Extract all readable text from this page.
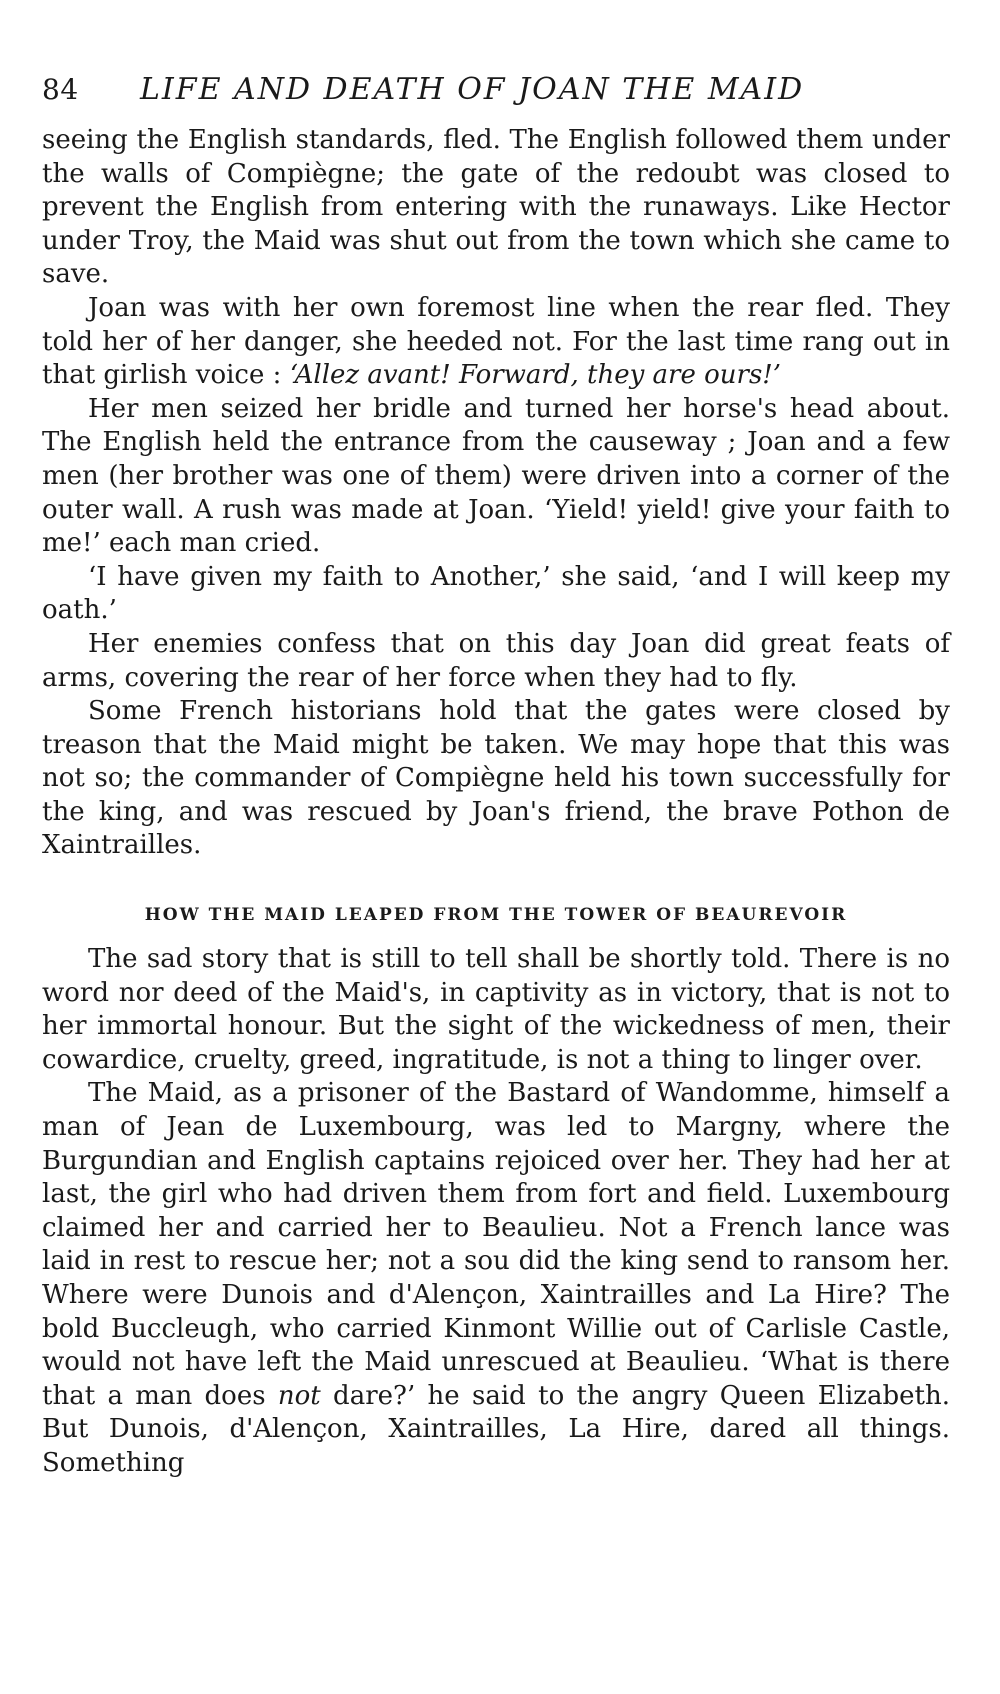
84	LIFE AND DEATH OF JOAN THE MAID

seeing the English standards, fled. The English followed them under the walls of Compiègne; the gate of the redoubt was closed to prevent the English from entering with the runaways. Like Hector under Troy, the Maid was shut out from the town which she came to save.

Joan was with her own foremost line when the rear fled. They told her of her danger, she heeded not. For the last time rang out in that girlish voice : ‘Allez avant! Forward, they are ours!’

Her men seized her bridle and turned her horse's head about. The English held the entrance from the causeway ; Joan and a few men (her brother was one of them) were driven into a corner of the outer wall. A rush was made at Joan. ‘Yield! yield! give your faith to me!’ each man cried.

‘I have given my faith to Another,’ she said, ‘and I will keep my oath.’

Her enemies confess that on this day Joan did great feats of arms, covering the rear of her force when they had to fly.

Some French historians hold that the gates were closed by treason that the Maid might be taken. We may hope that this was not so; the commander of Compiègne held his town successfully for the king, and was rescued by Joan's friend, the brave Pothon de Xaintrailles.

HOW THE MAID LEAPED FROM THE TOWER OF BEAUREVOIR

The sad story that is still to tell shall be shortly told. There is no word nor deed of the Maid's, in captivity as in victory, that is not to her immortal honour. But the sight of the wickedness of men, their cowardice, cruelty, greed, ingratitude, is not a thing to linger over.

The Maid, as a prisoner of the Bastard of Wandomme, himself a man of Jean de Luxembourg, was led to Margny, where the Burgundian and English captains rejoiced over her. They had her at last, the girl who had driven them from fort and field. Luxembourg claimed her and carried her to Beaulieu. Not a French lance was laid in rest to rescue her; not a sou did the king send to ransom her. Where were Dunois and d'Alençon, Xaintrailles and La Hire? The bold Buccleugh, who carried Kinmont Willie out of Carlisle Castle, would not have left the Maid unrescued at Beaulieu. ‘What is there that a man does not dare?’ he said to the angry Queen Elizabeth. But Dunois, d'Alençon, Xaintrailles, La Hire, dared all things. Something
